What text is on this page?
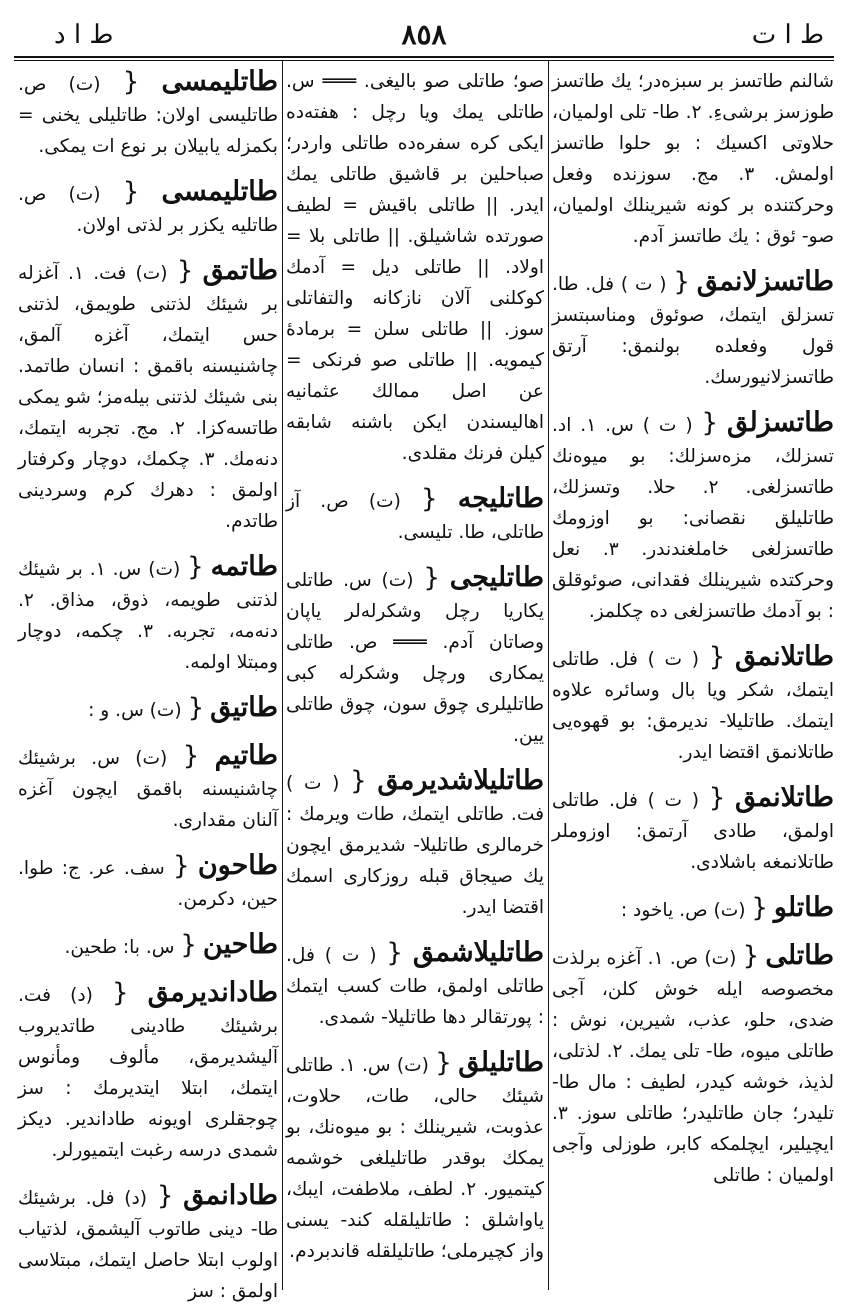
ط ا ت
٨٥٨
ط ا د
شالنم طاتسز بر سبزه‌در؛ يك طاتسز طوزسز برشی‌ءِ. ٢. طا- تلی اولميان، حلاوتی اكسيك : بو حلوا طاتسز اولمش. ٣. مج. سوزنده وفعل وحركتنده بر كونه شيرينلك اولميان، صو- ئوق : يك طاتسز آدم.
طاتسزلانمق { ( ت ) فل. طا. تسزلق ايتمك، صوئوق ومناسبتسز قول وفعلده بولنمق: آرتق طاتسزلانيورسك.
طاتسزلق { ( ت ) س. ١. اد. تسزلك، مزه‌سزلك: بو ميوه‌نك طاتسزلغی. ٢. حلا. وتسزلك، طاتليلق نقصانی: بو اوزومك طاتسزلغی خاملغندندر. ٣. نعل وحركتده شيرينلك فقدانی، صوئوقلق : بو آدمك طاتسزلغی ده چكلمز.
طاتلانمق { ( ت ) فل. طاتلی ايتمك، شكر ويا بال وسائره علاوه ايتمك. طاتليلا- نديرمق: بو قهوه‌يی طاتلانمق اقتضا ايدر.
طاتلانمق { ( ت ) فل. طاتلی اولمق، طادی آرتمق: اوزوملر طاتلانمغه باشلادی.
طاتلو { (ت) ص. ياخود :
طاتلی { (ت) ص. ١. آغزه برلذت مخصوصه ايله خوش كلن، آجی ضدی، حلو، عذب، شيرين، نوش : طاتلی ميوه، طا- تلی يمك. ٢. لذتلی، لذيذ، خوشه كيدر، لطيف : مال طا- تليدر؛ جان طاتليدر؛ طاتلی سوز. ٣. ايچيلير، ايچلمكه كابر، طوزلی وآجی اولميان : طاتلی
صو؛ طاتلی صو باليغی. ═══ س. طاتلی يمك ويا رچل : هفته‌ده ايكی كره سفره‌ده طاتلی واردر؛ صباحلين بر قاشيق طاتلی يمك ايدر. || طاتلی باقيش = لطيف صورتده شاشيلق. || طاتلی بلا = اولاد. || طاتلی ديل = آدمك كوكلنی آلان نازكانه والتفاتلی سوز. || طاتلی سلن = برمادهٔ كيمويه. || طاتلی صو فرنكی = عن اصل ممالك عثمانيه اهاليسندن ايكن باشنه شابقه كيلن فرنك مقلدی.
طاتليجه { (ت) ص. آز طاتلی، طا. تليسی.
طاتليجی { (ت) س. طاتلی يكاريا رچل وشكرله‌لر ياپان وصاتان آدم. ═══ ص. طاتلی يمكاری ورچل وشكرله كبی طاتليلری چوق سون، چوق طاتلی يين.
طاتليلاشديرمق { ( ت ) فت. طاتلی ايتمك، طات ويرمك : خرمالری طاتليلا- شديرمق ايچون يك صيجاق قبله روزكاری اسمك اقتضا ايدر.
طاتليلاشمق { ( ت ) فل. طاتلی اولمق، طات كسب ايتمك : پورتقالر دها طاتليلا- شمدی.
طاتليلق { (ت) س. ١. طاتلی شيئك حالی، طات، حلاوت، عذوبت، شيرينلك : بو ميوه‌نك، بو يمكك بوقدر طاتليلغی خوشمه كيتميور. ٢. لطف، ملاطفت، ايبك، ياواشلق : طاتليلقله كند- يسنی واز كچيرملی؛ طاتليلقله قاندبردم.
طاتليمسی { (ت) ص. طاتليسی اولان: طاتليلی يخنی = بكمزله يابيلان بر نوع ات يمكی.
طاتليمسی { (ت) ص. طاتليه يكزر بر لذتی اولان.
طاتمق { (ت) فت. ١. آغزله بر شيئك لذتنی طويمق، لذتنی حس ايتمك، آغزه آلمق، چاشنيسنه باقمق : انسان طاتمد. بنی شيئك لذتنی بيله‌مز؛ شو يمكی طاتسه‌كزا. ٢. مج. تجربه ايتمك، دنه‌مك. ٣. چكمك، دوچار وكرفتار اولمق : دهرك كرم وسردينی طاتدم.
طاتمه { (ت) س. ١. بر شيئك لذتنی طويمه، ذوق، مذاق. ٢. دنه‌مه، تجربه. ٣. چكمه، دوچار ومبتلا اولمه.
طاتيق { (ت) س. و :
طاتيم { (ت) س. برشيئك چاشنيسنه باقمق ايچون آغزه آلنان مقداری.
طاحون { سف. عر. ج: طوا. حين، دكرمن.
طاحين { س. با: طحين.
طادانديرمق { (د) فت. برشيئك طادينی طاتديروب آليشديرمق، مألوف ومأنوس ايتمك، ابتلا ايتديرمك : سز چوجقلری اويونه طاداندير. ديكز شمدی درسه رغبت ايتميورلر.
طادانمق { (د) فل. برشيئك طا- دينی طاتوب آليشمق، لذتياب اولوب ابتلا حاصل ايتمك، مبتلاسی اولمق : سز
